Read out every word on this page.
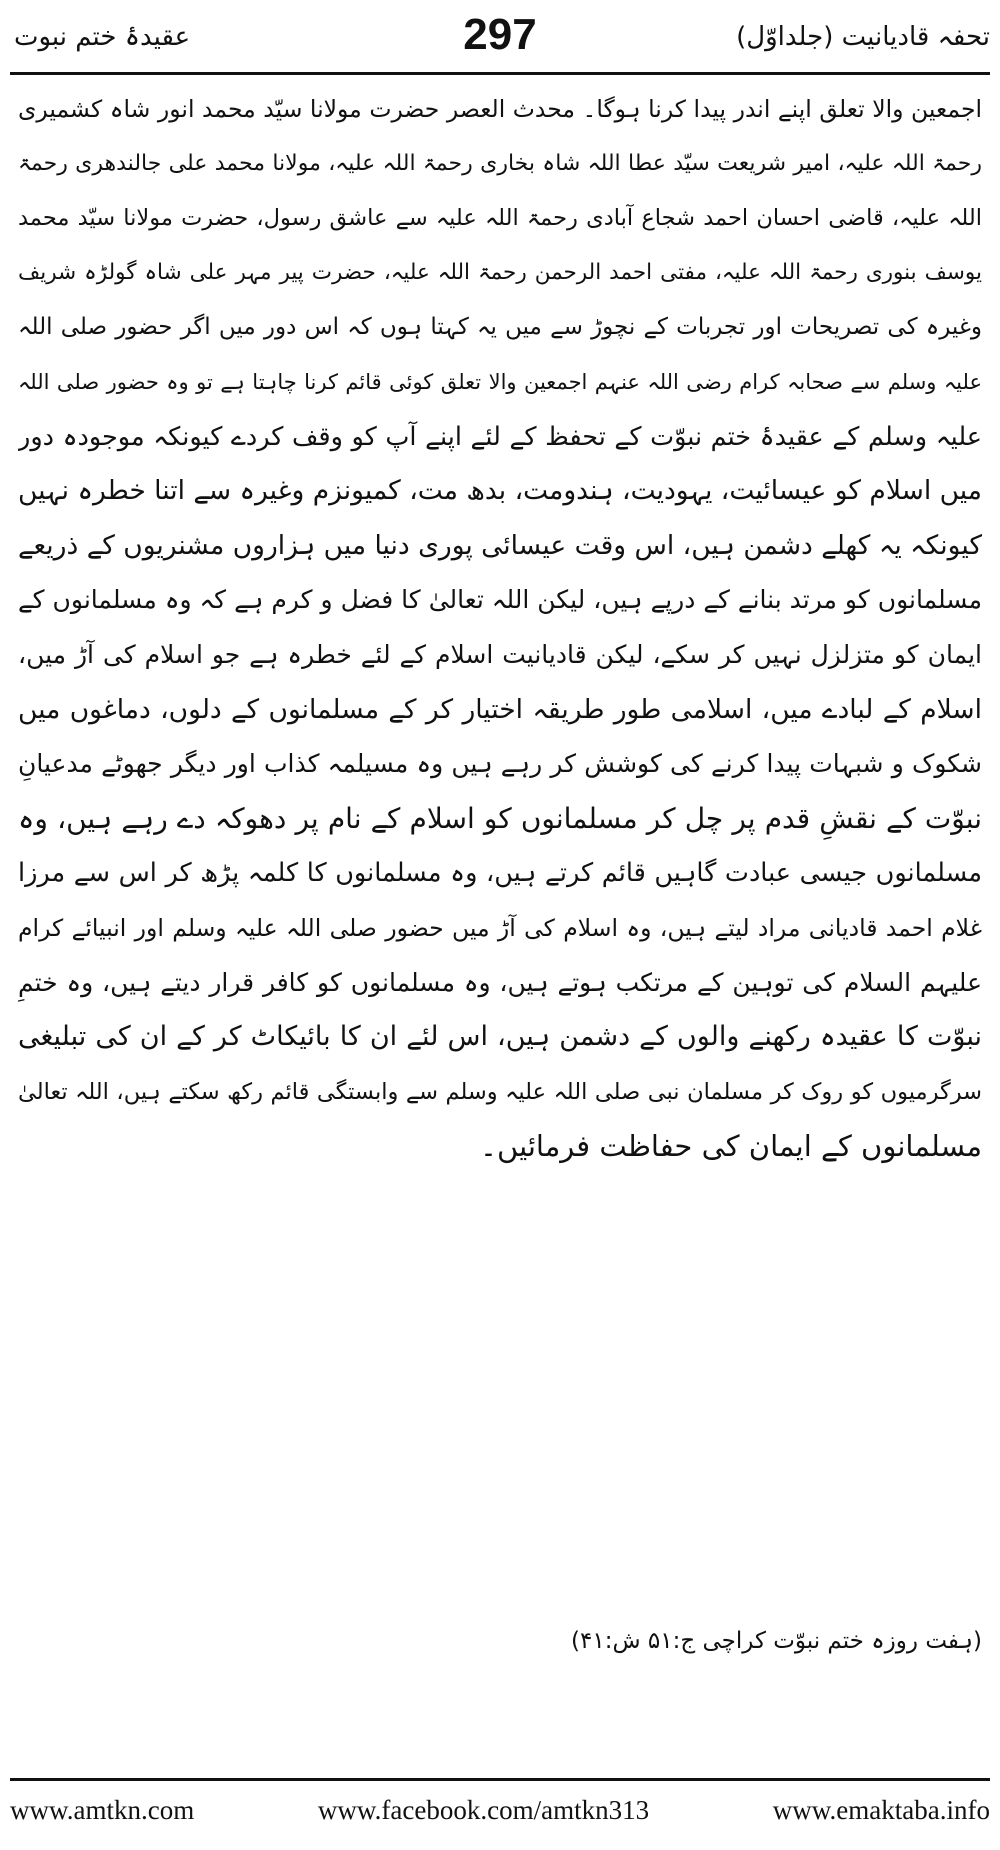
تحفہ قادیانیت (جلداوّل)
297
عقیدۂ ختم نبوت
اجمعین والا تعلق اپنے اندر پیدا کرنا ہوگا۔ محدث العصر حضرت مولانا سیّد محمد انور شاہ کشمیری
رحمۃ اللہ علیہ، امیر شریعت سیّد عطا اللہ شاہ بخاری رحمۃ اللہ علیہ، مولانا محمد علی جالندھری رحمۃ
اللہ علیہ، قاضی احسان احمد شجاع آبادی رحمۃ اللہ علیہ سے عاشق رسول، حضرت مولانا سیّد محمد
یوسف بنوری رحمۃ اللہ علیہ، مفتی احمد الرحمن رحمۃ اللہ علیہ، حضرت پیر مہر علی شاہ گولڑہ شریف
وغیرہ کی تصریحات اور تجربات کے نچوڑ سے میں یہ کہتا ہوں کہ اس دور میں اگر حضور صلی اللہ
علیہ وسلم سے صحابہ کرام رضی اللہ عنہم اجمعین والا تعلق کوئی قائم کرنا چاہتا ہے تو وہ حضور صلی اللہ
علیہ وسلم کے عقیدۂ ختم نبوّت کے تحفظ کے لئے اپنے آپ کو وقف کردے کیونکہ موجودہ دور
میں اسلام کو عیسائیت، یہودیت، ہندومت، بدھ مت، کمیونزم وغیرہ سے اتنا خطرہ نہیں
کیونکہ یہ کھلے دشمن ہیں، اس وقت عیسائی پوری دنیا میں ہزاروں مشنریوں کے ذریعے
مسلمانوں کو مرتد بنانے کے درپے ہیں، لیکن اللہ تعالیٰ کا فضل و کرم ہے کہ وہ مسلمانوں کے
ایمان کو متزلزل نہیں کر سکے، لیکن قادیانیت اسلام کے لئے خطرہ ہے جو اسلام کی آڑ میں،
اسلام کے لبادے میں، اسلامی طور طریقہ اختیار کر کے مسلمانوں کے دلوں، دماغوں میں
شکوک و شبہات پیدا کرنے کی کوشش کر رہے ہیں وہ مسیلمہ کذاب اور دیگر جھوٹے مدعیانِ
نبوّت کے نقشِ قدم پر چل کر مسلمانوں کو اسلام کے نام پر دھوکہ دے رہے ہیں، وہ
مسلمانوں جیسی عبادت گاہیں قائم کرتے ہیں، وہ مسلمانوں کا کلمہ پڑھ کر اس سے مرزا
غلام احمد قادیانی مراد لیتے ہیں، وہ اسلام کی آڑ میں حضور صلی اللہ علیہ وسلم اور انبیائے کرام
علیہم السلام کی توہین کے مرتکب ہوتے ہیں، وہ مسلمانوں کو کافر قرار دیتے ہیں، وہ ختمِ
نبوّت کا عقیدہ رکھنے والوں کے دشمن ہیں، اس لئے ان کا بائیکاٹ کر کے ان کی تبلیغی
سرگرمیوں کو روک کر مسلمان نبی صلی اللہ علیہ وسلم سے وابستگی قائم رکھ سکتے ہیں، اللہ تعالیٰ
مسلمانوں کے ایمان کی حفاظت فرمائیں۔
(ہفت روزہ ختم نبوّت کراچی ج:۵۱ ش:۴۱)
www.amtkn.com	www.facebook.com/amtkn313	www.emaktaba.info
